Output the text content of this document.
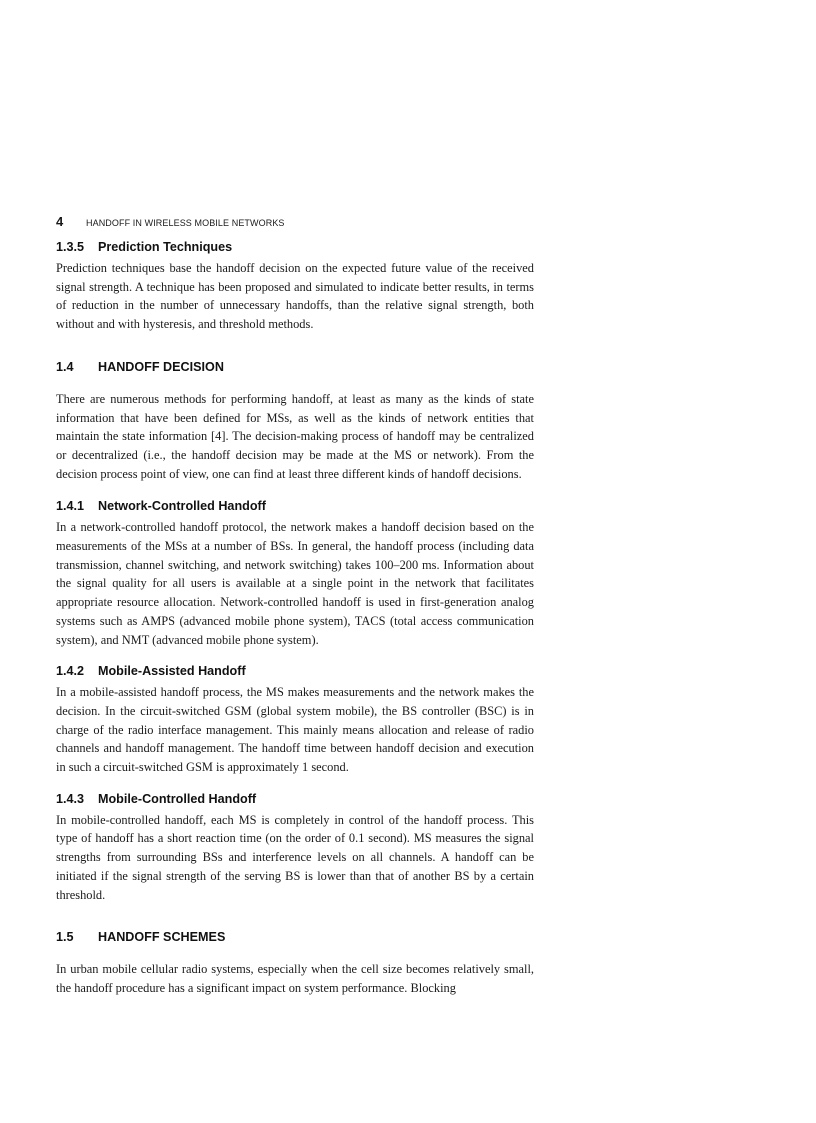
4	HANDOFF IN WIRELESS MOBILE NETWORKS
1.3.5 Prediction Techniques

Prediction techniques base the handoff decision on the expected future value of the received signal strength. A technique has been proposed and simulated to indicate better results, in terms of reduction in the number of unnecessary handoffs, than the relative signal strength, both without and with hysteresis, and threshold methods.

1.4 HANDOFF DECISION

There are numerous methods for performing handoff, at least as many as the kinds of state information that have been defined for MSs, as well as the kinds of network entities that maintain the state information [4]. The decision-making process of handoff may be centralized or decentralized (i.e., the handoff decision may be made at the MS or network). From the decision process point of view, one can find at least three different kinds of handoff decisions.

1.4.1 Network-Controlled Handoff

In a network-controlled handoff protocol, the network makes a handoff decision based on the measurements of the MSs at a number of BSs. In general, the handoff process (including data transmission, channel switching, and network switching) takes 100–200 ms. Information about the signal quality for all users is available at a single point in the network that facilitates appropriate resource allocation. Network-controlled handoff is used in first-generation analog systems such as AMPS (advanced mobile phone system), TACS (total access communication system), and NMT (advanced mobile phone system).

1.4.2 Mobile-Assisted Handoff

In a mobile-assisted handoff process, the MS makes measurements and the network makes the decision. In the circuit-switched GSM (global system mobile), the BS controller (BSC) is in charge of the radio interface management. This mainly means allocation and release of radio channels and handoff management. The handoff time between handoff decision and execution in such a circuit-switched GSM is approximately 1 second.

1.4.3 Mobile-Controlled Handoff

In mobile-controlled handoff, each MS is completely in control of the handoff process. This type of handoff has a short reaction time (on the order of 0.1 second). MS measures the signal strengths from surrounding BSs and interference levels on all channels. A handoff can be initiated if the signal strength of the serving BS is lower than that of another BS by a certain threshold.

1.5 HANDOFF SCHEMES

In urban mobile cellular radio systems, especially when the cell size becomes relatively small, the handoff procedure has a significant impact on system performance. Blocking
